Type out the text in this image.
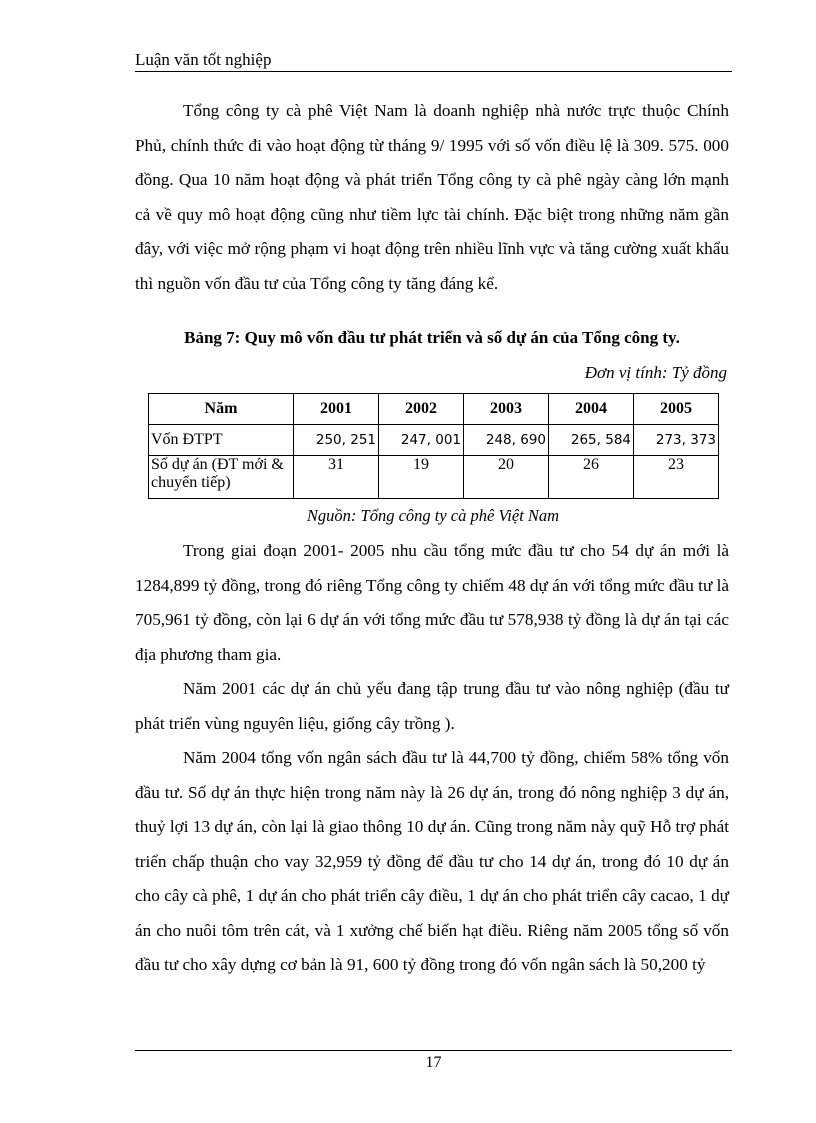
Luận văn tốt nghiệp

Tổng công ty cà phê Việt Nam là doanh nghiệp nhà nước trực thuộc Chính Phủ, chính thức đi vào hoạt động từ tháng 9/ 1995 với số vốn điều lệ là 309. 575. 000 đồng. Qua 10 năm hoạt động và phát triển Tổng công ty cà phê ngày càng lớn mạnh cả về quy mô hoạt động cũng như tiềm lực tài chính. Đặc biệt trong những năm gần đây, với việc mở rộng phạm vi hoạt động trên nhiều lĩnh vực và tăng cường xuất khẩu thì nguồn vốn đầu tư của Tổng công ty tăng đáng kể.

Bảng 7: Quy mô vốn đầu tư phát triển và số dự án của Tổng công ty.
Đơn vị tính: Tỷ đồng
Năm	2001	2002	2003	2004	2005
Vốn ĐTPT	250, 251	247, 001	248, 690	265, 584	273, 373
Số dự án (ĐT mới & chuyển tiếp)	31	19	20	26	23
Nguồn: Tổng công ty cà phê Việt Nam

Trong giai đoạn 2001- 2005 nhu cầu tổng mức đầu tư cho 54 dự án mới là 1284,899 tỷ đồng, trong đó riêng Tổng công ty chiếm 48 dự án với tổng mức đầu tư là 705,961 tỷ đồng, còn lại 6 dự án với tổng mức đầu tư 578,938 tỷ đồng là dự án tại các địa phương tham gia.

Năm 2001 các dự án chủ yếu đang tập trung đầu tư vào nông nghiệp (đầu tư phát triển vùng nguyên liệu, giống cây trồng ).

Năm 2004 tổng vốn ngân sách đầu tư là 44,700 tỷ đồng, chiếm 58% tổng vốn đầu tư. Số dự án thực hiện trong năm này là 26 dự án, trong đó nông nghiệp 3 dự án, thuỷ lợi 13 dự án, còn lại là giao thông 10 dự án. Cũng trong năm này quỹ Hỗ trợ phát triển chấp thuận cho vay 32,959 tỷ đồng để đầu tư cho 14 dự án, trong đó 10 dự án cho cây cà phê, 1 dự án cho phát triển cây điều, 1 dự án cho phát triển cây cacao, 1 dự án cho nuôi tôm trên cát, và 1 xưởng chế biến hạt điều. Riêng năm 2005 tổng số vốn đầu tư cho xây dựng cơ bản là 91, 600 tỷ đồng trong đó vốn ngân sách là 50,200 tỷ

17
